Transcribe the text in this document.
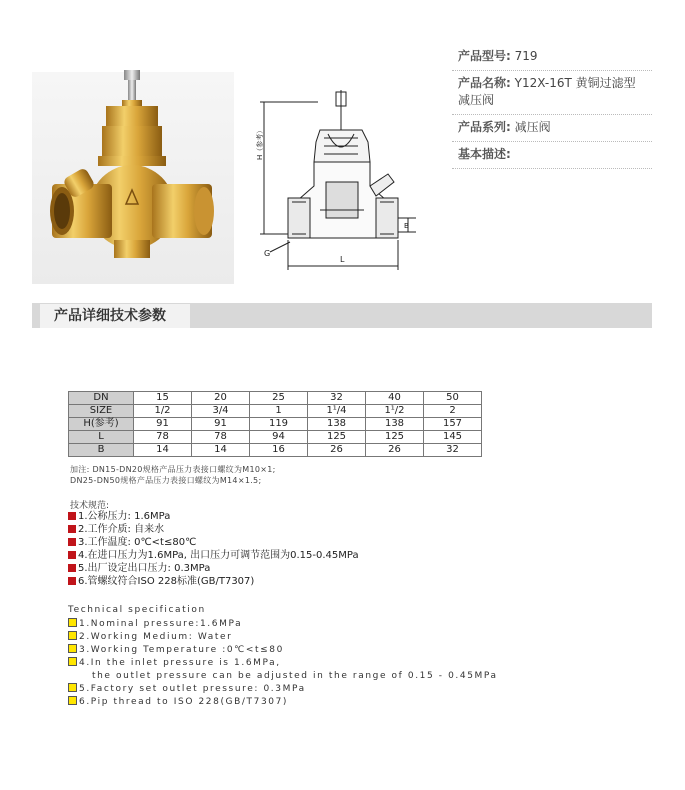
H（参考）
L
B
G
产品型号: 719
产品名称: Y12X-16T 黄铜过滤型减压阀
产品系列: 减压阀
基本描述:
产品详细技术参数
DN	15	20	25	32	40	50
SIZE	1/2	3/4	1	1¹/4	1¹/2	2
H(参考)	91	91	119	138	138	157
L	78	78	94	125	125	145
B	14	14	16	26	26	32
加注: DN15-DN20规格产品压力表接口螺纹为M10×1;
DN25-DN50规格产品压力表接口螺纹为M14×1.5;
技术规范:
1.公称压力: 1.6MPa
2.工作介质: 自来水
3.工作温度: 0℃<t≤80℃
4.在进口压力为1.6MPa, 出口压力可调节范围为0.15-0.45MPa
5.出厂设定出口压力: 0.3MPa
6.管螺纹符合ISO 228标准(GB/T7307)
Technical specification
1.Nominal pressure:1.6MPa
2.Working Medium: Water
3.Working Temperature :0℃<t≤80
4.In the inlet pressure is 1.6MPa,
the outlet pressure can be adjusted in the range of 0.15 - 0.45MPa
5.Factory set outlet pressure: 0.3MPa
6.Pip thread to ISO 228(GB/T7307)
